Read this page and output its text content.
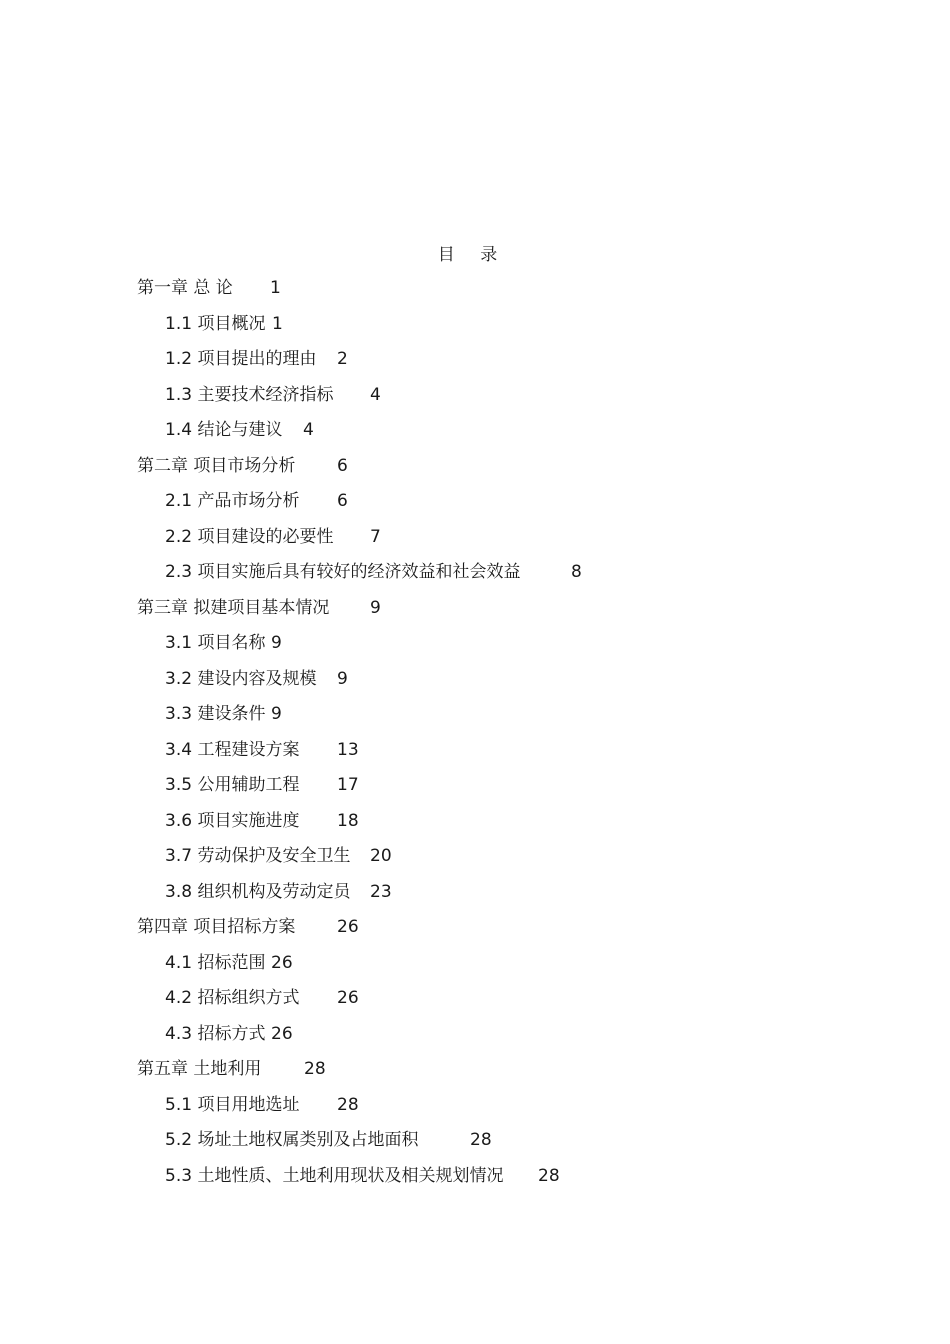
目 录
第一章 总 论 1
1.1 项目概况 1
1.2 项目提出的理由 2
1.3 主要技术经济指标 4
1.4 结论与建议 4
第二章 项目市场分析 6
2.1 产品市场分析 6
2.2 项目建设的必要性 7
2.3 项目实施后具有较好的经济效益和社会效益	8
第三章 拟建项目基本情况 9
3.1 项目名称 9
3.2 建设内容及规模 9
3.3 建设条件 9
3.4 工程建设方案 13
3.5 公用辅助工程 17
3.6 项目实施进度 18
3.7 劳动保护及安全卫生 20
3.8 组织机构及劳动定员 23
第四章 项目招标方案 26
4.1 招标范围 26
4.2 招标组织方式 26
4.3 招标方式 26
第五章 土地利用	28
5.1 项目用地选址 28
5.2 场址土地权属类别及占地面积	28
5.3 土地性质、土地利用现状及相关规划情况 28
